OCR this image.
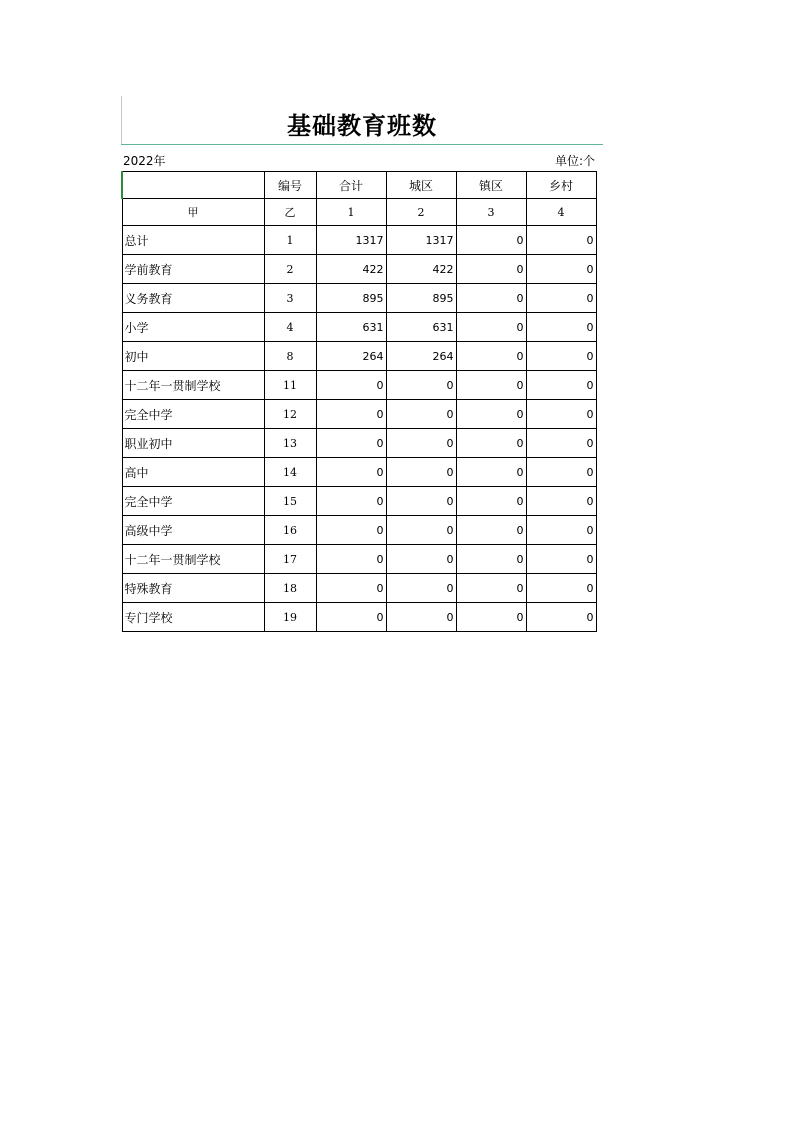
基础教育班数
2022年	单位:个
	编号	合计	城区	镇区	乡村
甲	乙	1	2	3	4
总计	1	1317	1317	0	0
学前教育	2	422	422	0	0
义务教育	3	895	895	0	0
小学	4	631	631	0	0
初中	8	264	264	0	0
十二年一贯制学校	11	0	0	0	0
完全中学	12	0	0	0	0
职业初中	13	0	0	0	0
高中	14	0	0	0	0
完全中学	15	0	0	0	0
高级中学	16	0	0	0	0
十二年一贯制学校	17	0	0	0	0
特殊教育	18	0	0	0	0
专门学校	19	0	0	0	0
